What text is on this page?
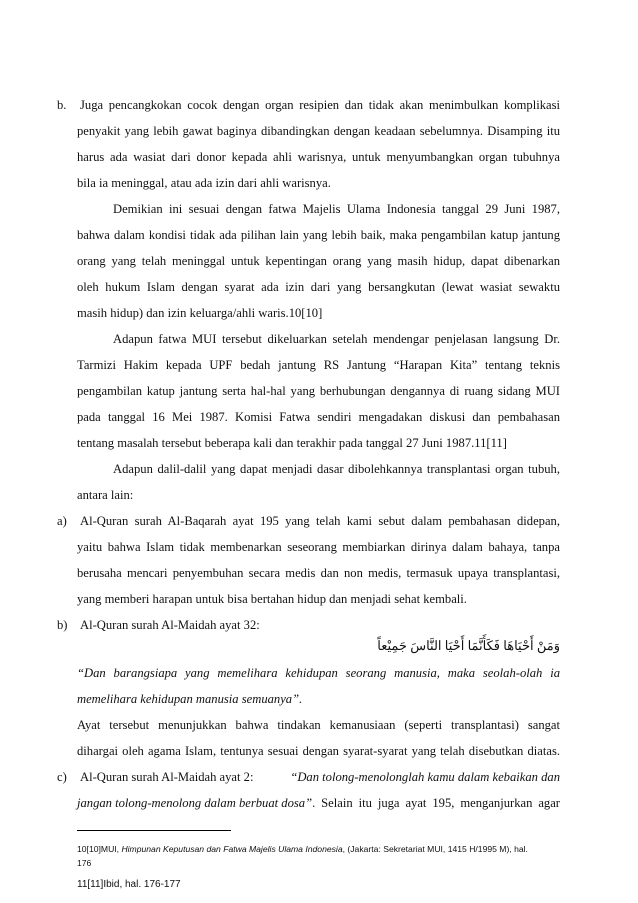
b. Juga pencangkokan cocok dengan organ resipien dan tidak akan menimbulkan komplikasi
penyakit yang lebih gawat baginya dibandingkan dengan keadaan sebelumnya. Disamping itu
harus ada wasiat dari donor kepada ahli warisnya, untuk menyumbangkan organ tubuhnya
bila ia meninggal, atau ada izin dari ahli warisnya.
Demikian ini sesuai dengan fatwa Majelis Ulama Indonesia tanggal 29 Juni 1987,
bahwa dalam kondisi tidak ada pilihan lain yang lebih baik, maka pengambilan katup jantung
orang yang telah meninggal untuk kepentingan orang yang masih hidup, dapat dibenarkan
oleh hukum Islam dengan syarat ada izin dari yang bersangkutan (lewat wasiat sewaktu
masih hidup) dan izin keluarga/ahli waris.10[10]
Adapun fatwa MUI tersebut dikeluarkan setelah mendengar penjelasan langsung Dr.
Tarmizi Hakim kepada UPF bedah jantung RS Jantung “Harapan Kita” tentang teknis
pengambilan katup jantung serta hal-hal yang berhubungan dengannya di ruang sidang MUI
pada tanggal 16 Mei 1987. Komisi Fatwa sendiri mengadakan diskusi dan pembahasan
tentang masalah tersebut beberapa kali dan terakhir pada tanggal 27 Juni 1987.11[11]
Adapun dalil-dalil yang dapat menjadi dasar dibolehkannya transplantasi organ tubuh,
antara lain:
a) Al-Quran surah Al-Baqarah ayat 195 yang telah kami sebut dalam pembahasan didepan,
yaitu bahwa Islam tidak membenarkan seseorang membiarkan dirinya dalam bahaya, tanpa
berusaha mencari penyembuhan secara medis dan non medis, termasuk upaya transplantasi,
yang memberi harapan untuk bisa bertahan hidup dan menjadi sehat kembali.
b) Al-Quran surah Al-Maidah ayat 32:
وَمَنْ أَحْيَاهَا فَكَأَنَّمَا أَحْيَا النَّاسَ جَمِيْعاً
“Dan barangsiapa yang memelihara kehidupan seorang manusia, maka seolah-olah ia
memelihara kehidupan manusia semuanya”.
Ayat tersebut menunjukkan bahwa tindakan kemanusiaan (seperti transplantasi) sangat
dihargai oleh agama Islam, tentunya sesuai dengan syarat-syarat yang telah disebutkan diatas.
c) Al-Quran surah Al-Maidah ayat 2:	“Dan tolong-menolonglah kamu dalam kebaikan dan
jangan tolong-menolong dalam berbuat dosa” . Selain itu juga ayat 195, menganjurkan agar
10[10]MUI, Himpunan Keputusan dan Fatwa Majelis Ulama Indonesia, (Jakarta: Sekretariat MUI, 1415 H/1995 M), hal.
176
11[11]Ibid, hal. 176-177
